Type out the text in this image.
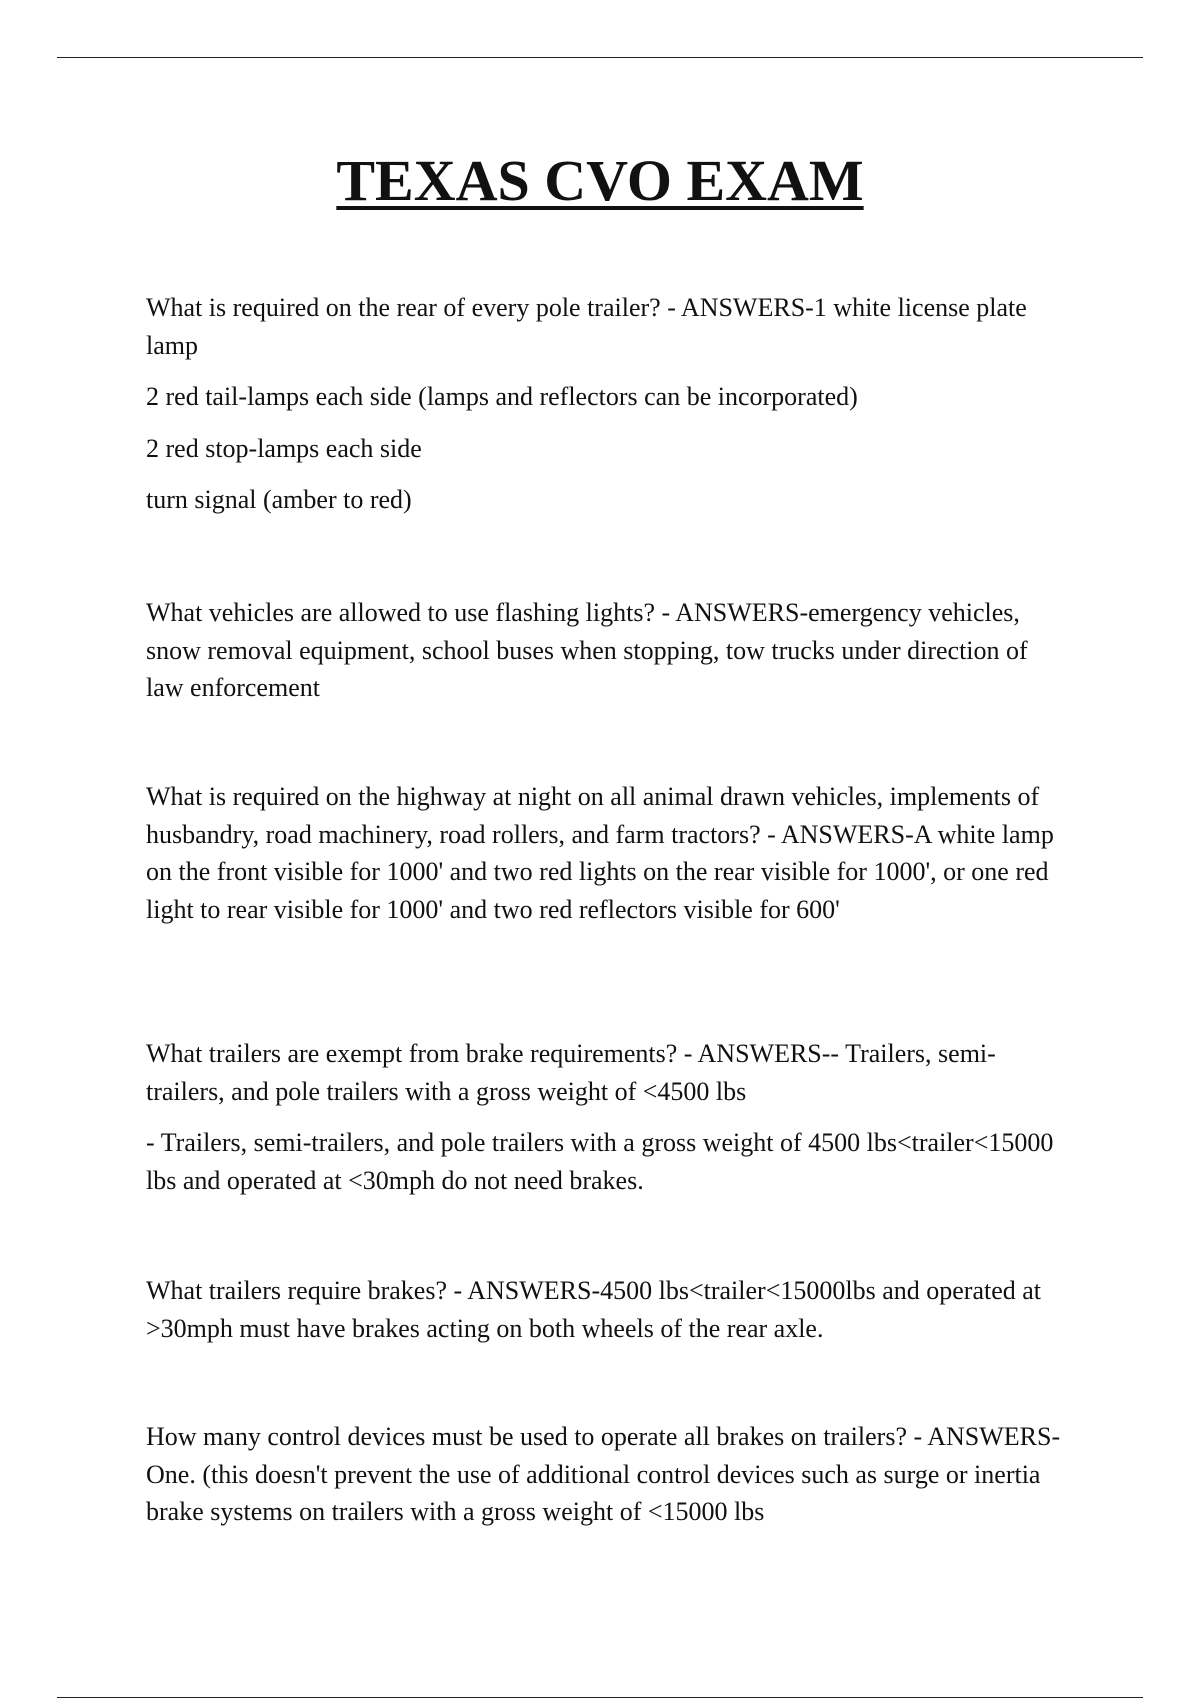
TEXAS CVO EXAM

What is required on the rear of every pole trailer? - ANSWERS-1 white license plate lamp

2 red tail-lamps each side (lamps and reflectors can be incorporated)

2 red stop-lamps each side

turn signal (amber to red)

What vehicles are allowed to use flashing lights? - ANSWERS-emergency vehicles, snow removal equipment, school buses when stopping, tow trucks under direction of law enforcement

What is required on the highway at night on all animal drawn vehicles, implements of husbandry, road machinery, road rollers, and farm tractors? - ANSWERS-A white lamp on the front visible for 1000' and two red lights on the rear visible for 1000', or one red light to rear visible for 1000' and two red reflectors visible for 600'

What trailers are exempt from brake requirements? - ANSWERS-- Trailers, semi-trailers, and pole trailers with a gross weight of <4500 lbs

- Trailers, semi-trailers, and pole trailers with a gross weight of 4500 lbs<trailer<15000 lbs and operated at <30mph do not need brakes.

What trailers require brakes? - ANSWERS-4500 lbs<trailer<15000lbs and operated at >30mph must have brakes acting on both wheels of the rear axle.

How many control devices must be used to operate all brakes on trailers? - ANSWERS-One. (this doesn't prevent the use of additional control devices such as surge or inertia brake systems on trailers with a gross weight of <15000 lbs
